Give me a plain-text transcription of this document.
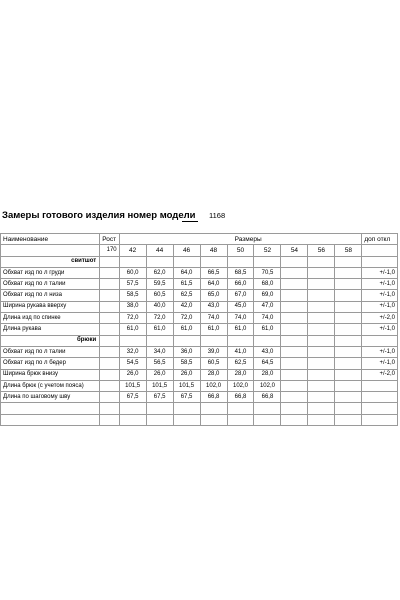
Замеры готового изделия номер модели 1168
Наименование	Рост	Размеры									доп откл
	170	42	44	46	48	50	52	54	56	58	
свитшот											
Обхват изд по л груди		60,0	62,0	64,0	66,5	68,5	70,5				+/-1,0
Обхват изд по л талии		57,5	59,5	61,5	64,0	66,0	68,0				+/-1,0
Обхват изд по л низа		58,5	60,5	62,5	65,0	67,0	69,0				+/-1,0
Ширина рукава вверху		38,0	40,0	42,0	43,0	45,0	47,0				+/-1,0
Длина изд по спинке		72,0	72,0	72,0	74,0	74,0	74,0				+/-2,0
Длина рукава		61,0	61,0	61,0	61,0	61,0	61,0				+/-1,0
брюки											
Обхват изд по л талии		32,0	34,0	36,0	39,0	41,0	43,0				+/-1,0
Обхват изд по л бедер		54,5	56,5	58,5	60,5	62,5	64,5				+/-1,0
Ширина брюк внизу		26,0	26,0	26,0	28,0	28,0	28,0				+/-2,0
Длина брюк (с учетом пояса)		101,5	101,5	101,5	102,0	102,0	102,0				
Длина по шаговому шву		67,5	67,5	67,5	66,8	66,8	66,8				
